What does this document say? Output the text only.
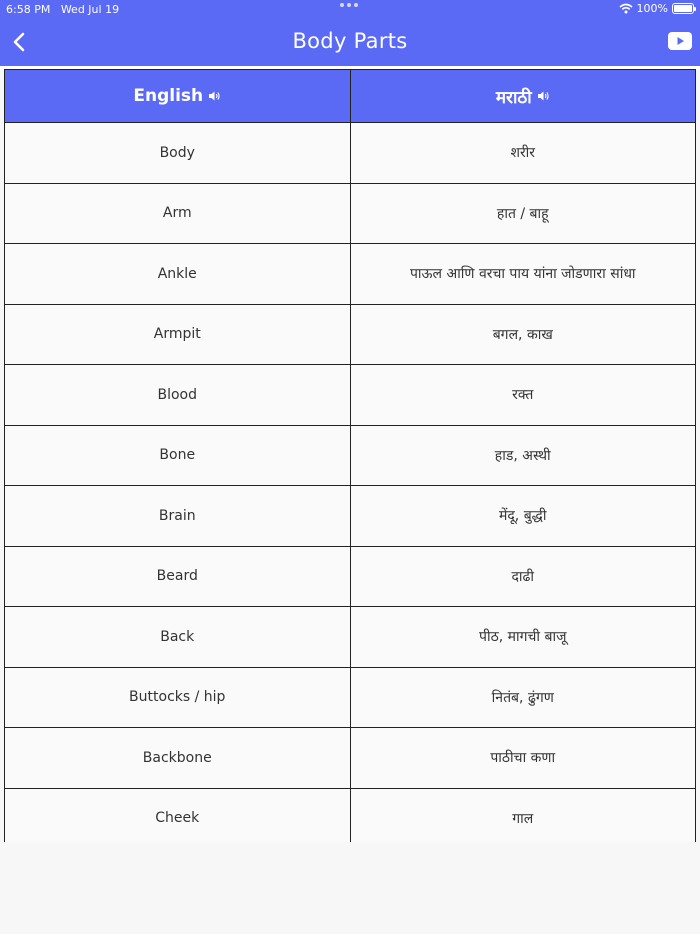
6:58 PM Wed Jul 19	100%
Body Parts
English	मराठी
Body	शरीर
Arm	हात / बाहू
Ankle	पाऊल आणि वरचा पाय यांना जोडणारा सांधा
Armpit	बगल, काख
Blood	रक्त
Bone	हाड, अस्थी
Brain	मेंदू, बुद्धी
Beard	दाढी
Back	पीठ, मागची बाजू
Buttocks / hip	नितंब, ढुंगण
Backbone	पाठीचा कणा
Cheek	गाल
